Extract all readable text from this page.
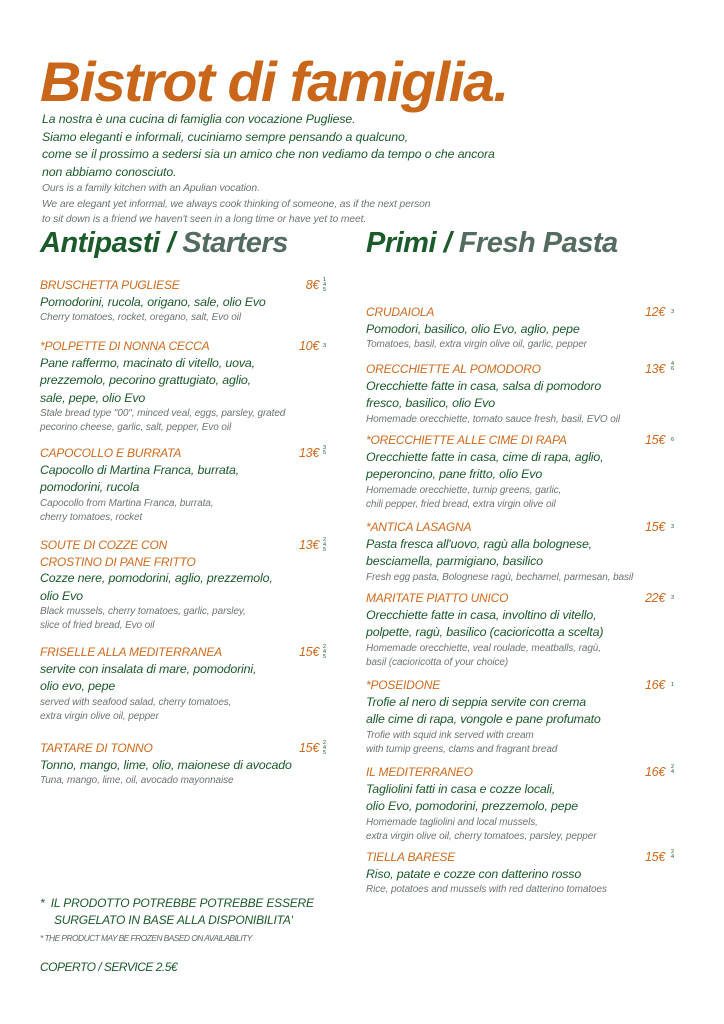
Bistrot di famiglia.
La nostra è una cucina di famiglia con vocazione Pugliese.
Siamo eleganti e informali, cuciniamo sempre pensando a qualcuno,
come se il prossimo a sedersi sia un amico che non vediamo da tempo o che ancora
non abbiamo conosciuto.
Ours is a family kitchen with an Apulian vocation.
We are elegant yet informal, we always cook thinking of someone, as if the next person
to sit down is a friend we haven't seen in a long time or have yet to meet.
Antipasti / Starters
BRUSCHETTA PUGLIESE
Pomodorini, rucola, origano, sale, olio Evo
Cherry tomatoes, rocket, oregano, salt, Evo oil
8€ 1
4
5
*POLPETTE DI NONNA CECCA
Pane raffermo, macinato di vitello, uova,
prezzemolo, pecorino grattugiato, aglio,
sale, pepe, olio Evo
Stale bread type "00", minced veal, eggs, parsley, grated
pecorino cheese, garlic, salt, pepper, Evo oil
10€ 3
CAPOCOLLO E BURRATA
Capocollo di Martina Franca, burrata,
pomodorini, rucola
Capocollo from Martina Franca, burrata,
cherry tomatoes, rocket
13€ 3
5
SOUTE DI COZZE CON
CROSTINO DI PANE FRITTO
Cozze nere, pomodorini, aglio, prezzemolo,
olio Evo
Black mussels, cherry tomatoes, garlic, parsley,
slice of fried bread, Evo oil
13€ 2
4
5
FRISELLE ALLA MEDITERRANEA
servite con insalata di mare, pomodorini,
olio evo, pepe
served with seafood salad, cherry tomatoes,
extra virgin olive oil, pepper
15€ 2
4
5
TARTARE DI TONNO
Tonno, mango, lime, olio, maionese di avocado
Tuna, mango, lime, oil, avocado mayonnaise
15€ 2
4
5
Primi / Fresh Pasta
CRUDAIOLA
Pomodori, basilico, olio Evo, aglio, pepe
Tomatoes, basil, extra virgin olive oil, garlic, pepper
12€ 3
ORECCHIETTE AL POMODORO
Orecchiette fatte in casa, salsa di pomodoro
fresco, basilico, olio Evo
Homemade orecchiette, tomato sauce fresh, basil, EVO oil
13€ 4
6
*ORECCHIETTE ALLE CIME DI RAPA
Orecchiette fatte in casa, cime di rapa, aglio,
peperoncino, pane fritto, olio Evo
Homemade orecchiette, turnip greens, garlic,
chili pepper, fried bread, extra virgin olive oil
15€ 6
*ANTICA LASAGNA
Pasta fresca all'uovo, ragù alla bolognese,
besciamella, parmigiano, basilico
Fresh egg pasta, Bolognese ragù, bechamel, parmesan, basil
15€ 3
MARITATE PIATTO UNICO
Orecchiette fatte in casa, involtino di vitello,
polpette, ragù, basilico (cacioricotta a scelta)
Homemade orecchiette, veal roulade, meatballs, ragù,
basil (cacioricotta of your choice)
22€ 3
*POSEIDONE
Trofie al nero di seppia servite con crema
alle cime di rapa, vongole e pane profumato
Trofie with squid ink served with cream
with turnip greens, clams and fragrant bread
16€ 1
IL MEDITERRANEO
Tagliolini fatti in casa e cozze locali,
olio Evo, pomodorini, prezzemolo, pepe
Homemade tagliolini and local mussels,
extra virgin olive oil, cherry tomatoes, parsley, pepper
16€ 2
4
TIELLA BARESE
Riso, patate e cozze con datterino rosso
Rice, potatoes and mussels with red datterino tomatoes
15€ 2
4
*  IL PRODOTTO POTREBBE POTREBBE ESSERE
SURGELATO IN BASE ALLA DISPONIBILITA'
* THE PRODUCT MAY BE FROZEN BASED ON AVAILABILITY
COPERTO / SERVICE 2.5€
